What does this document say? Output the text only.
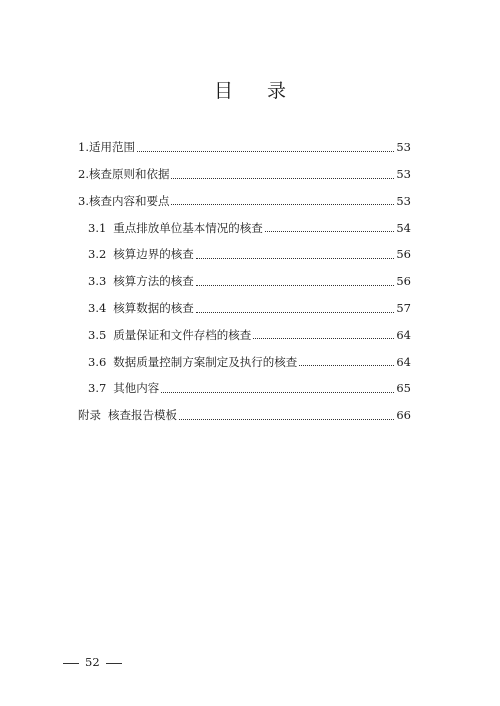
目 录
1. 适用范围	53
2. 核查原则和依据	53
3. 核查内容和要点	53
3.1 重点排放单位基本情况的核查	54
3.2 核算边界的核查	56
3.3 核算方法的核查	56
3.4 核算数据的核查	57
3.5 质量保证和文件存档的核查	64
3.6 数据质量控制方案制定及执行的核查	64
3.7 其他内容	65
附录 核查报告模板	66
52
